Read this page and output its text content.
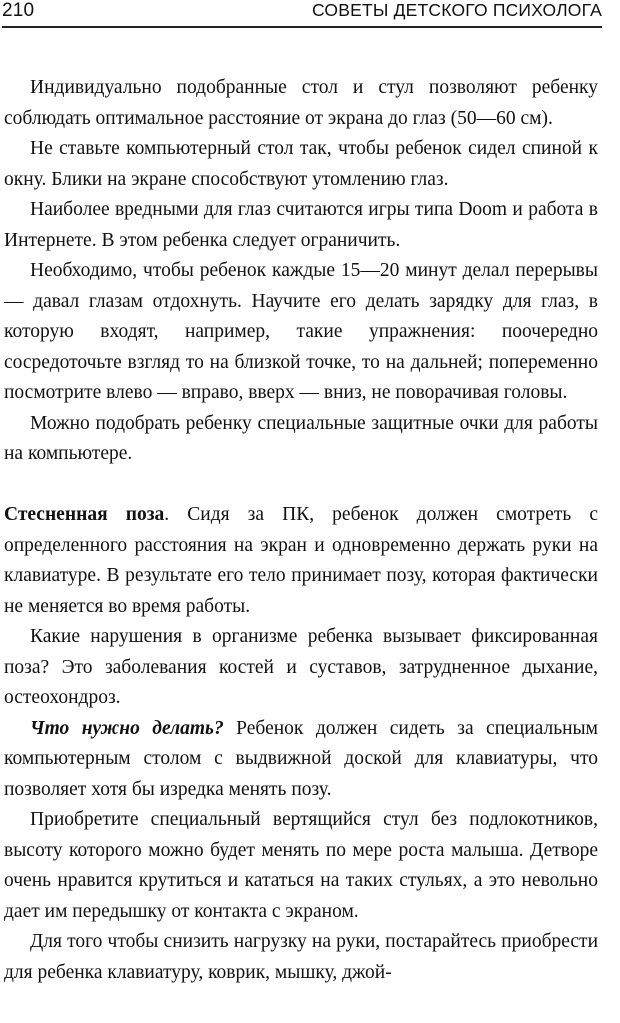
210	СОВЕТЫ ДЕТСКОГО ПСИХОЛОГА

Индивидуально подобранные стол и стул позволяют ребенку соблюдать оптимальное расстояние от экрана до глаз (50—60 см).

Не ставьте компьютерный стол так, чтобы ребенок сидел спиной к окну. Блики на экране способствуют утомлению глаз.

Наиболее вредными для глаз считаются игры типа Doom и работа в Интернете. В этом ребенка следует ограничить.

Необходимо, чтобы ребенок каждые 15—20 минут делал перерывы — давал глазам отдохнуть. Научите его делать зарядку для глаз, в которую входят, например, такие упражнения: поочередно сосредоточьте взгляд то на близкой точке, то на дальней; попеременно посмотрите влево — вправо, вверх — вниз, не поворачивая головы.

Можно подобрать ребенку специальные защитные очки для работы на компьютере.

Стесненная поза. Сидя за ПК, ребенок должен смотреть с определенного расстояния на экран и одновременно держать руки на клавиатуре. В результате его тело принимает позу, которая фактически не меняется во время работы.

Какие нарушения в организме ребенка вызывает фиксированная поза? Это заболевания костей и суставов, затрудненное дыхание, остеохондроз.

Что нужно делать? Ребенок должен сидеть за специальным компьютерным столом с выдвижной доской для клавиатуры, что позволяет хотя бы изредка менять позу.

Приобретите специальный вертящийся стул без подлокотников, высоту которого можно будет менять по мере роста малыша. Детворе очень нравится крутиться и кататься на таких стульях, а это невольно дает им передышку от контакта с экраном.

Для того чтобы снизить нагрузку на руки, постарайтесь приобрести для ребенка клавиатуру, коврик, мышку, джой-
